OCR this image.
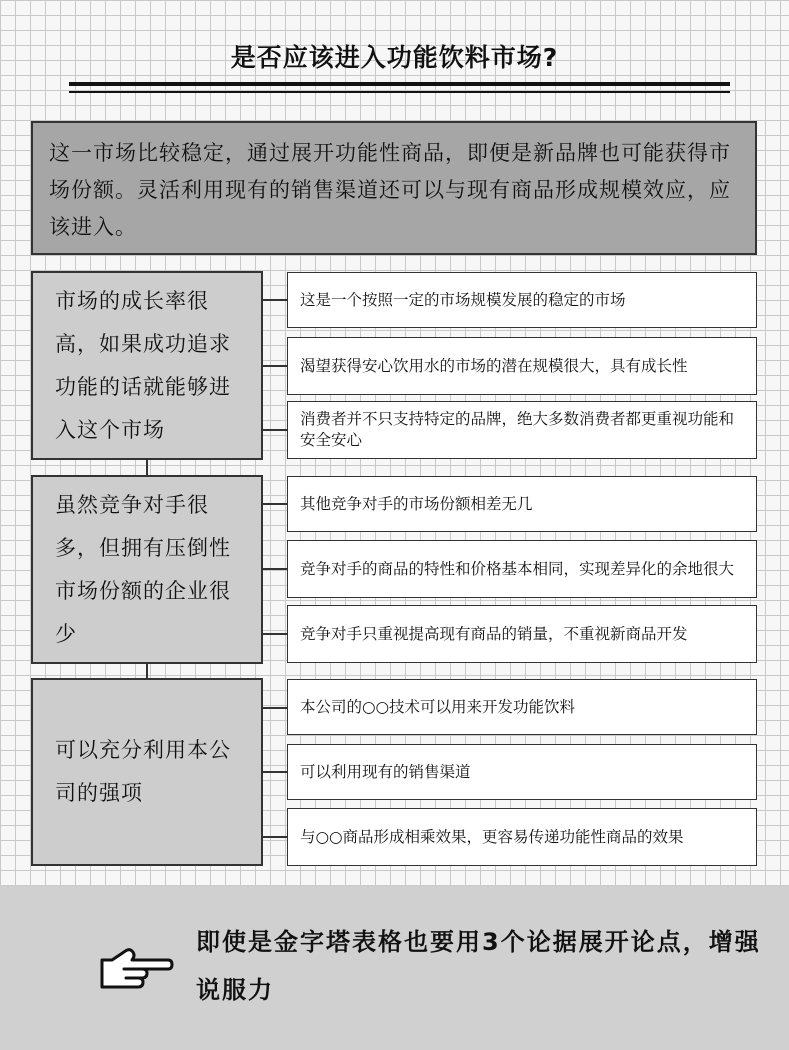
是否应该进入功能饮料市场?
这一市场比较稳定，通过展开功能性商品，即便是新品牌也可能获得市场份额。灵活利用现有的销售渠道还可以与现有商品形成规模效应，应该进入。
市场的成长率很高，如果成功追求功能的话就能够进入这个市场
这是一个按照一定的市场规模发展的稳定的市场
渴望获得安心饮用水的市场的潜在规模很大，具有成长性
消费者并不只支持特定的品牌，绝大多数消费者都更重视功能和安全安心
虽然竞争对手很多，但拥有压倒性市场份额的企业很少
其他竞争对手的市场份额相差无几
竞争对手的商品的特性和价格基本相同，实现差异化的余地很大
竞争对手只重视提高现有商品的销量，不重视新商品开发
可以充分利用本公司的强项
本公司的○○技术可以用来开发功能饮料
可以利用现有的销售渠道
与○○商品形成相乘效果，更容易传递功能性商品的效果
即使是金字塔表格也要用3个论据展开论点，增强说服力
